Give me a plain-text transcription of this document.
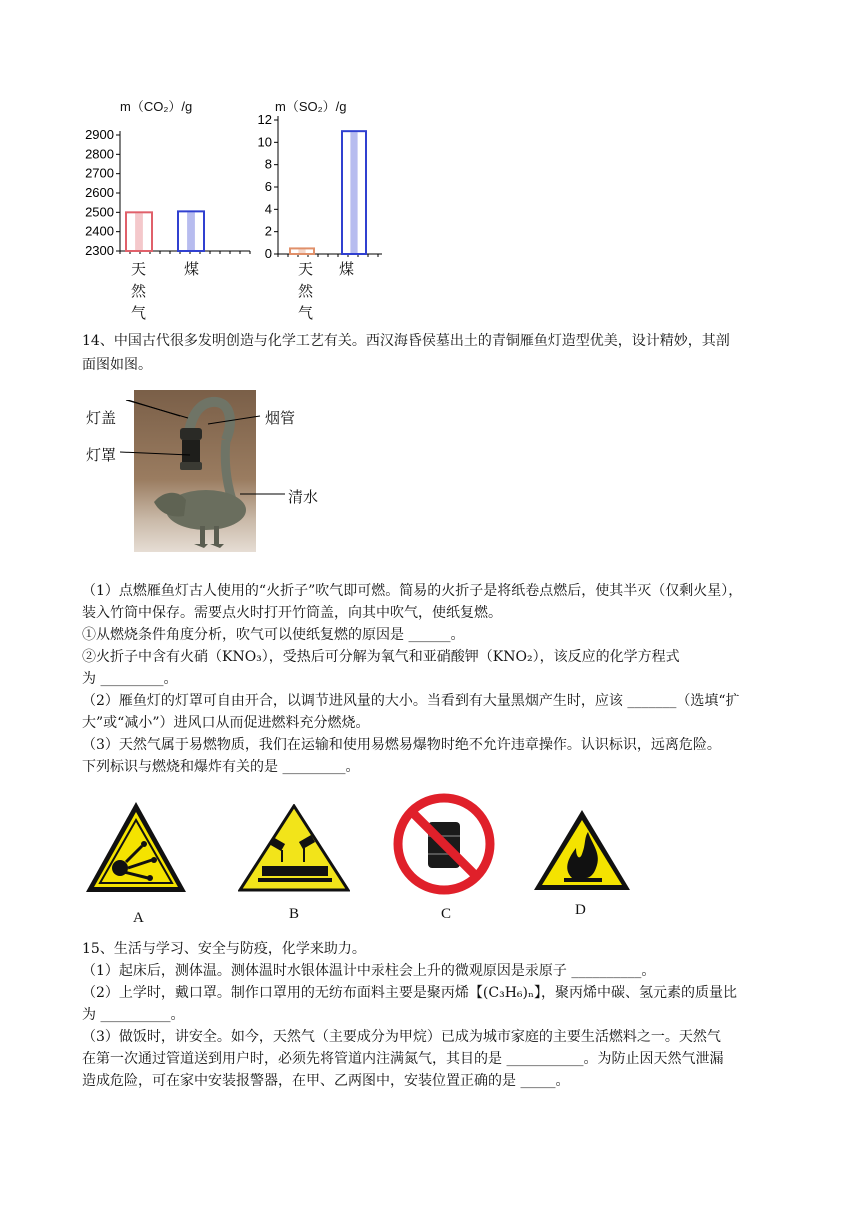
m（CO₂）/g
2300
2400
2500
2600
2700
2800
2900
天
然
气
煤
m（SO₂）/g
0
2
4
6
8
10
12
天
然
气
煤
14、中国古代很多发明创造与化学工艺有关。西汉海昏侯墓出土的青铜雁鱼灯造型优美，设计精妙，其剖
面图如图。
灯盖
灯罩
烟管
清水
（1）点燃雁鱼灯古人使用的“火折子”吹气即可燃。简易的火折子是将纸卷点燃后，使其半灭（仅剩火星），
装入竹筒中保存。需要点火时打开竹筒盖，向其中吹气，使纸复燃。
①从燃烧条件角度分析，吹气可以使纸复燃的原因是 ______。
②火折子中含有火硝（KNO₃），受热后可分解为氧气和亚硝酸钾（KNO₂），该反应的化学方程式
为 _________。
（2）雁鱼灯的灯罩可自由开合，以调节进风量的大小。当看到有大量黑烟产生时，应该 _______（选填“扩
大”或“减小”）进风口从而促进燃料充分燃烧。
（3）天然气属于易燃物质，我们在运输和使用易燃易爆物时绝不允许违章操作。认识标识，远离危险。
下列标识与燃烧和爆炸有关的是 _________。
A	B	C	D
15、生活与学习、安全与防疫，化学来助力。
（1）起床后，测体温。测体温时水银体温计中汞柱会上升的微观原因是汞原子 __________。
（2）上学时，戴口罩。制作口罩用的无纺布面料主要是聚丙烯【(C₃H₆)ₙ】，聚丙烯中碳、氢元素的质量比
为 __________。
（3）做饭时，讲安全。如今，天然气（主要成分为甲烷）已成为城市家庭的主要生活燃料之一。天然气
在第一次通过管道送到用户时，必须先将管道内注满氮气，其目的是 ___________。为防止因天然气泄漏
造成危险，可在家中安装报警器，在甲、乙两图中，安装位置正确的是 _____。
